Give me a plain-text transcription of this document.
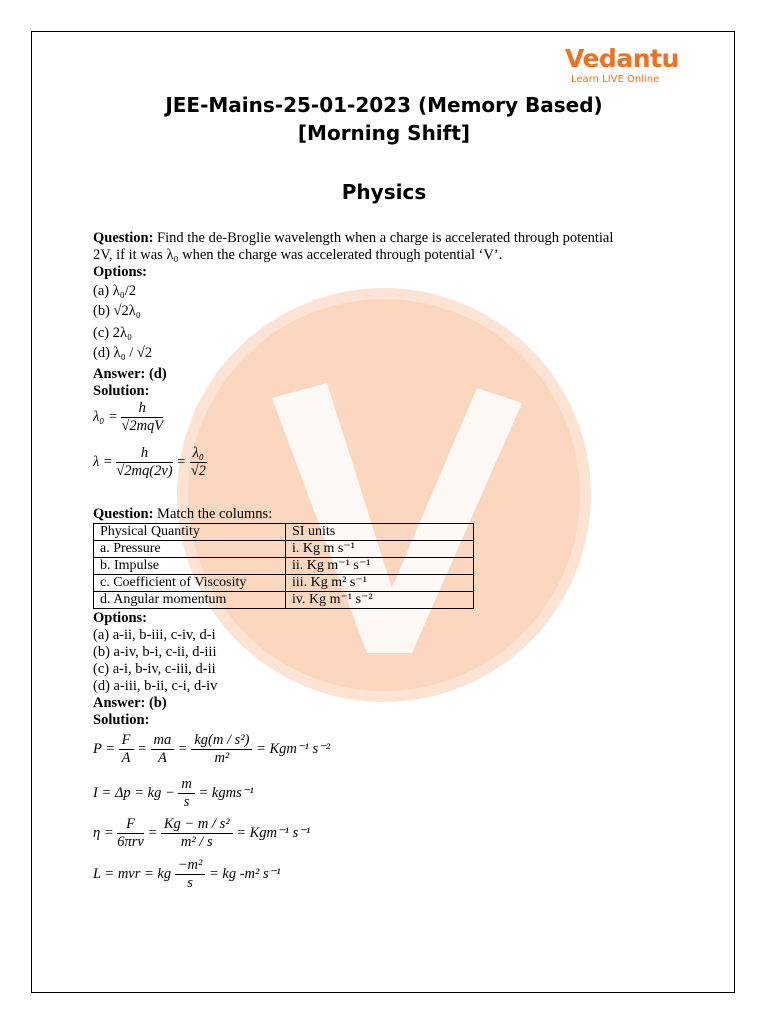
Vedantu
Learn LIVE Online
JEE-Mains-25-01-2023 (Memory Based)
[Morning Shift]
Physics
Question: Find the de-Broglie wavelength when a charge is accelerated through potential
2V, if it was λ₀ when the charge was accelerated through potential ‘V’.
Options:
(a) λ₀/2
(b) √2λ₀
(c) 2λ₀
(d) λ₀ / √2
Answer: (d)
Solution:
$\lambda_0 = \frac{h}{\text{√2mqV}}$
$\lambda = \frac{h}{√2mq(2v)} = \frac{\text{λ₀}}{√2}$
Question: Match the columns:
Physical Quantity	SI units
a. Pressure	i. Kg m s⁻¹
b. Impulse	ii. Kg m⁻¹ s⁻¹
c. Coefficient of Viscosity	iii. Kg m² s⁻¹
d. Angular momentum	iv. Kg m⁻¹ s⁻²
Options:
(a) a-ii, b-iii, c-iv, d-i
(b) a-iv, b-i, c-ii, d-iii
(c) a-i, b-iv, c-iii, d-ii
(d) a-iii, b-ii, c-i, d-iv
Answer: (b)
Solution:
$P = \frac{F}{A} = \frac{ma}{A} = \frac{\text{kg(m / s²)}}{\text{m²}} = Kgm^{-1}$ s⁻²
I = Δp = kg − $\frac{m}{s}$ = kgms⁻¹
$\eta = \frac{F}{\text{6πrv}} = \frac{\text{Kg − m / s²}}{\text{m² / s}} = Kgm^{-1}$ s⁻¹
L = mvr = kg $\frac{\text{−m²}}{s}$ = kg -m² s⁻¹
